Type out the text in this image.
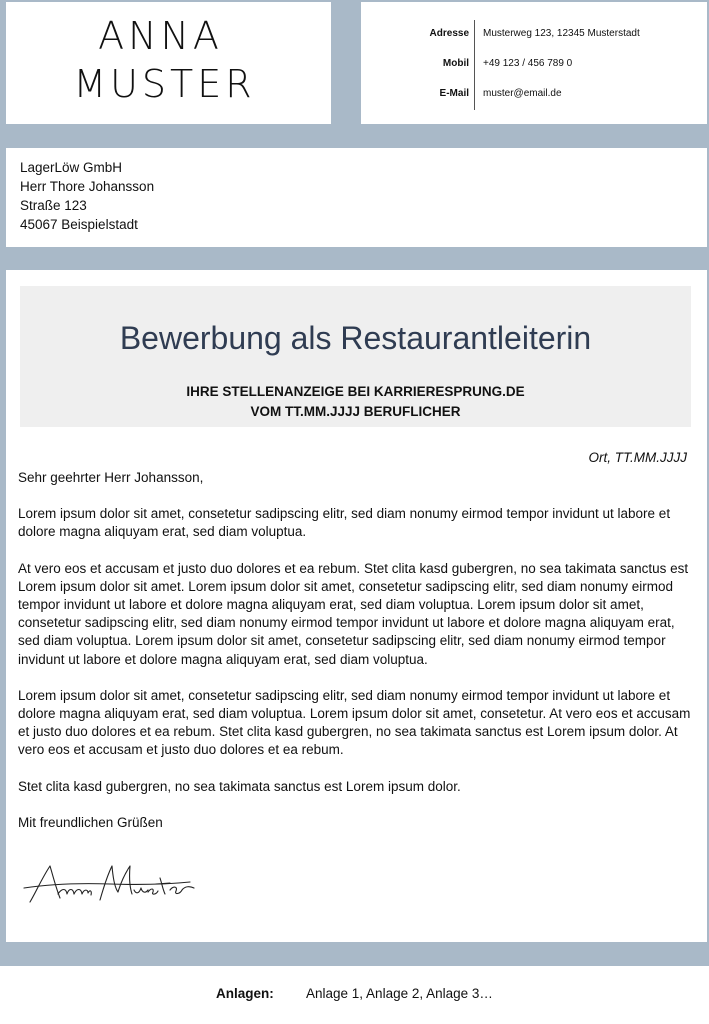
ANNA
MUSTER
Adresse Musterweg 123, 12345 Musterstadt
Mobil +49 123 / 456 789 0
E-Mail muster@email.de
LagerLöw GmbH
Herr Thore Johansson
Straße 123
45067 Beispielstadt
Bewerbung als Restaurantleiterin
IHRE STELLENANZEIGE BEI KARRIERESPRUNG.DE
VOM TT.MM.JJJJ BERUFLICHER
Ort, TT.MM.JJJJ

Sehr geehrter Herr Johansson,

Lorem ipsum dolor sit amet, consetetur sadipscing elitr, sed diam nonumy eirmod tempor invidunt ut labore et dolore magna aliquyam erat, sed diam voluptua.

At vero eos et accusam et justo duo dolores et ea rebum. Stet clita kasd gubergren, no sea takimata sanctus est Lorem ipsum dolor sit amet. Lorem ipsum dolor sit amet, consetetur sadipscing elitr, sed diam nonumy eirmod tempor invidunt ut labore et dolore magna aliquyam erat, sed diam voluptua. Lorem ipsum dolor sit amet, consetetur sadipscing elitr, sed diam nonumy eirmod tempor invidunt ut labore et dolore magna aliquyam erat, sed diam voluptua. Lorem ipsum dolor sit amet, consetetur sadipscing elitr, sed diam nonumy eirmod tempor invidunt ut labore et dolore magna aliquyam erat, sed diam voluptua.

Lorem ipsum dolor sit amet, consetetur sadipscing elitr, sed diam nonumy eirmod tempor invidunt ut labore et dolore magna aliquyam erat, sed diam voluptua. Lorem ipsum dolor sit amet, consetetur. At vero eos et accusam et justo duo dolores et ea rebum. Stet clita kasd gubergren, no sea takimata sanctus est Lorem ipsum dolor. At vero eos et accusam et justo duo dolores et ea rebum.

Stet clita kasd gubergren, no sea takimata sanctus est Lorem ipsum dolor.

Mit freundlichen Grüßen

Anlagen: Anlage 1, Anlage 2, Anlage 3…
